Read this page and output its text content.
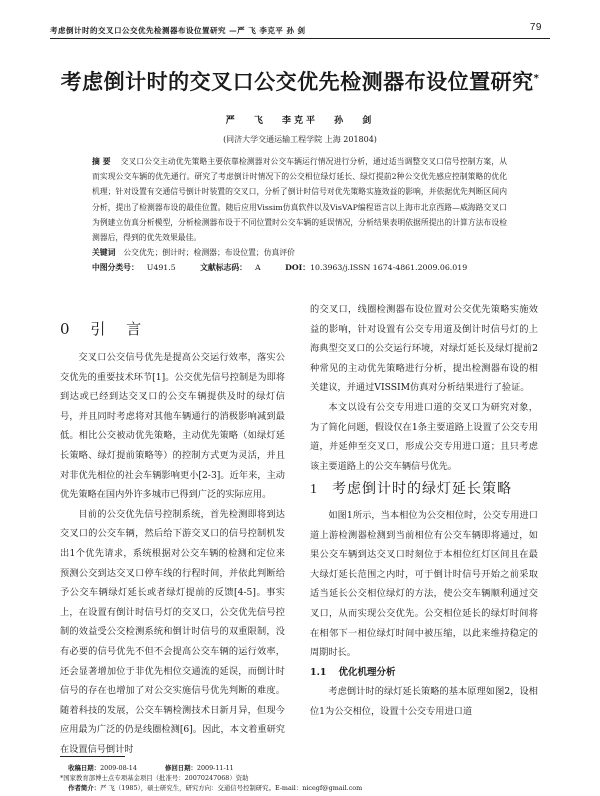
考虑倒计时的交叉口公交优先检测器布设位置研究 —严 飞 李克平 孙 剑	79
考虑倒计时的交叉口公交优先检测器布设位置研究*
严 飞 李克平 孙 剑
(同济大学交通运输工程学院 上海 201804)
摘 要 交叉口公交主动优先策略主要依靠检测器对公交车辆运行情况进行分析，通过适当调整交叉口信号控制方案，从而实现公交车辆的优先通行。研究了考虑倒计时情况下的公交相位绿灯延长、绿灯提前2种公交优先感应控制策略的优化机理；针对设置有交通信号倒计时装置的交叉口，分析了倒计时信号对优先策略实施效益的影响，并依据优先判断区间内分析，提出了检测器布设的最佳位置。随后应用Vissim仿真软件以及VisVAP编程语言以上海市北京西路—威海路交叉口为例建立仿真分析模型，分析检测器布设于不同位置时公交车辆的延误情况，分析结果表明依据所提出的计算方法布设检测器后，得到的优先效果最佳。
关键词 公交优先；倒计时；检测器；布设位置；仿真评价
中图分类号： U491.5	文献标志码： A	DOI：10.3963/j.ISSN 1674-4861.2009.06.019
0 引 言

交叉口公交信号优先是提高公交运行效率，落实公交优先的重要技术环节[1]。公交优先信号控制是为即将到达或已经到达交叉口的公交车辆提供及时的绿灯信号，并且同时考虑将对其他车辆通行的消极影响减到最低。相比公交被动优先策略，主动优先策略（如绿灯延长策略、绿灯提前策略等）的控制方式更为灵活，并且对非优先相位的社会车辆影响更小[2-3]。近年来，主动优先策略在国内外许多城市已得到广泛的实际应用。

目前的公交优先信号控制系统，首先检测即将到达交叉口的公交车辆，然后给下游交叉口的信号控制机发出1个优先请求，系统根据对公交车辆的检测和定位来预测公交到达交叉口停车线的行程时间，并依此判断给予公交车辆绿灯延长或者绿灯提前的反馈[4-5]。事实上，在设置有倒计时信号灯的交叉口，公交优先信号控制的效益受公交检测系统和倒计时信号的双重限制，没有必要的信号优先不但不会提高公交车辆的运行效率，还会显著增加位于非优先相位交通流的延误，而倒计时信号的存在也增加了对公交实施信号优先判断的难度。随着科技的发展，公交车辆检测技术日新月异，但现今应用最为广泛的仍是线圈检测[6]。因此，本文着重研究在设置信号倒计时

的交叉口，线圈检测器布设位置对公交优先策略实施效益的影响，针对设置有公交专用道及倒计时信号灯的上海典型交叉口的公交运行环境，对绿灯延长及绿灯提前2种常见的主动优先策略进行分析，提出检测器布设的相关建议，并通过VISSIM仿真对分析结果进行了验证。

本文以设有公交专用进口道的交叉口为研究对象，为了简化问题，假设仅在1条主要道路上设置了公交专用道，并延伸至交叉口，形成公交专用进口道；且只考虑该主要道路上的公交车辆信号优先。

1 考虑倒计时的绿灯延长策略

如图1所示，当本相位为公交相位时，公交专用进口道上游检测器检测到当前相位有公交车辆即将通过，如果公交车辆到达交叉口时刻位于本相位红灯区间且在最大绿灯延长范围之内时，可于倒计时信号开始之前采取适当延长公交相位绿灯的方法，使公交车辆顺利通过交叉口，从而实现公交优先。公交相位延长的绿灯时间将在相邻下一相位绿灯时间中被压缩，以此来维持稳定的周期时长。

1.1 优化机理分析

考虑倒计时的绿灯延长策略的基本原理如图2，设相位1为公交相位，设置十公交专用进口道

收稿日期：2009-08-14	修回日期：2009-11-11
*国家教育部博士点专项基金项目（批准号：20070247068）资助
作者简介：严 飞（1985），硕士研究生，研究方向：交通信号控制研究。E-mail：nicegf@gmail.com
